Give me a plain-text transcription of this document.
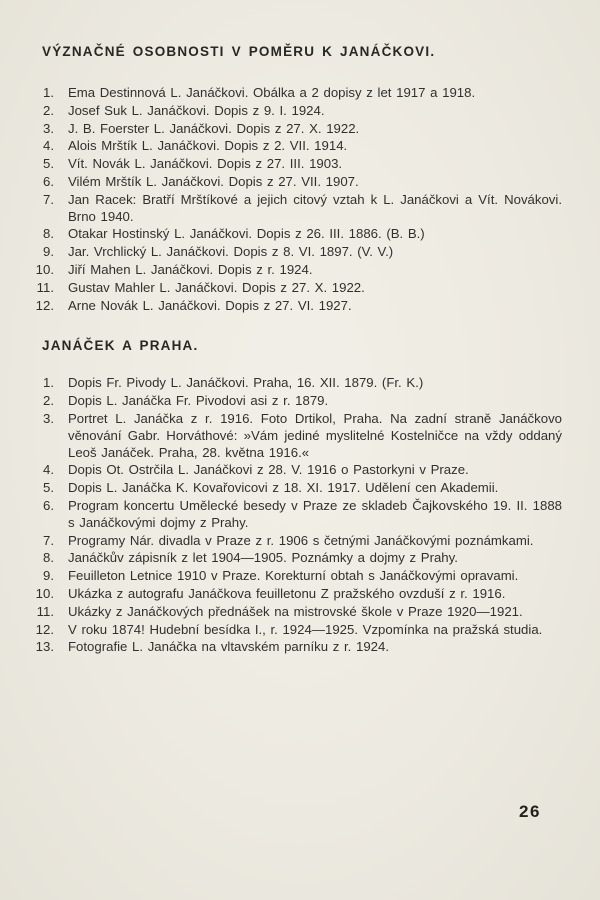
VÝZNAČNÉ OSOBNOSTI V POMĚRU K JANÁČKOVI.
1.	Ema Destinnová L. Janáčkovi. Obálka a 2 dopisy z let 1917 a 1918.
2.	Josef Suk L. Janáčkovi. Dopis z 9. I. 1924.
3.	J. B. Foerster L. Janáčkovi. Dopis z 27. X. 1922.
4.	Alois Mrštík L. Janáčkovi. Dopis z 2. VII. 1914.
5.	Vít. Novák L. Janáčkovi. Dopis z 27. III. 1903.
6.	Vilém Mrštík L. Janáčkovi. Dopis z 27. VII. 1907.
7.	Jan Racek: Bratří Mrštíkové a jejich citový vztah k L. Janáčkovi a Vít. Novákovi. Brno 1940.
8.	Otakar Hostinský L. Janáčkovi. Dopis z 26. III. 1886. (B. B.)
9.	Jar. Vrchlický L. Janáčkovi. Dopis z 8. VI. 1897. (V. V.)
10.	Jiří Mahen L. Janáčkovi. Dopis z r. 1924.
11.	Gustav Mahler L. Janáčkovi. Dopis z 27. X. 1922.
12.	Arne Novák L. Janáčkovi. Dopis z 27. VI. 1927.
JANÁČEK A PRAHA.
1.	Dopis Fr. Pivody L. Janáčkovi. Praha, 16. XII. 1879. (Fr. K.)
2.	Dopis L. Janáčka Fr. Pivodovi asi z r. 1879.
3.	Portret L. Janáčka z r. 1916. Foto Drtikol, Praha. Na zadní straně Janáčkovo věnování Gabr. Horváthové: »Vám jediné myslitelné Kostelničce na vždy oddaný Leoš Janáček. Praha, 28. května 1916.«
4.	Dopis Ot. Ostrčila L. Janáčkovi z 28. V. 1916 o Pastorkyni v Praze.
5.	Dopis L. Janáčka K. Kovařovicovi z 18. XI. 1917. Udělení cen Akademii.
6.	Program koncertu Umělecké besedy v Praze ze skladeb Čajkovského 19. II. 1888 s Janáčkovými dojmy z Prahy.
7.	Programy Nár. divadla v Praze z r. 1906 s četnými Janáčkovými poznámkami.
8.	Janáčkův zápisník z let 1904—1905. Poznámky a dojmy z Prahy.
9.	Feuilleton Letnice 1910 v Praze. Korekturní obtah s Janáčkovými opravami.
10.	Ukázka z autografu Janáčkova feuilletonu Z pražského ovzduší z r. 1916.
11.	Ukázky z Janáčkových přednášek na mistrovské škole v Praze 1920—1921.
12.	V roku 1874! Hudební besídka I., r. 1924—1925. Vzpomínka na pražská studia.
13.	Fotografie L. Janáčka na vltavském parníku z r. 1924.
26
